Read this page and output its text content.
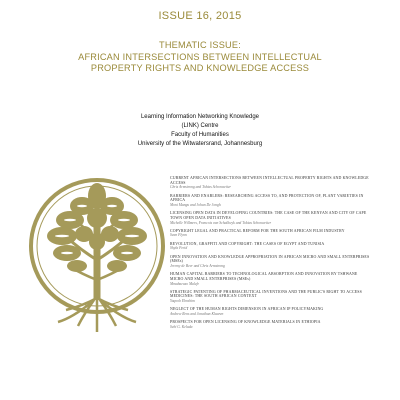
ISSUE 16, 2015
THEMATIC ISSUE:
AFRICAN INTERSECTIONS BETWEEN INTELLECTUAL
PROPERTY RIGHTS AND KNOWLEDGE ACCESS
Learning Information Networking Knowledge
(LINK) Centre
Faculty of Humanities
University of the Witwatersrand, Johannesburg
CURRENT AFRICAN INTERSECTIONS BETWEEN INTELLECTUAL PROPERTY RIGHTS AND KNOWLEDGE ACCESS
Chris Armstrong and Tobias Schonwetter
BARRIERS AND ENABLERS: RESEARCHING ACCESS TO, AND PROTECTION OF, PLANT VARIETIES IN AFRICA
Moni Mangu and Johan De Jongh
LICENSING OPEN DATA IN DEVELOPING COUNTRIES: THE CASE OF THE KENYAN AND CITY OF CAPE TOWN OPEN DATA INITIATIVES
Michelle Willmers, Francois van Schalkwyk and Tobias Schonwetter
COPYRIGHT LEGAL AND PRACTICAL REFORM FOR THE SOUTH AFRICAN FILM INDUSTRY
Sean Flynn
REVOLUTION, GRAFFITI AND COPYRIGHT: THE CASES OF EGYPT AND TUNISIA
Shyla Freid
OPEN INNOVATION AND KNOWLEDGE APPROPRIATION IN AFRICAN MICRO AND SMALL ENTERPRISES (MSEs)
Jeremy de Beer and Chris Armstrong
HUMAN CAPITAL BARRIERS TO TECHNOLOGICAL ABSORPTION AND INNOVATION BY TSHWANE MICRO AND SMALL ENTERPRISES (MSEs)
Mmabaeaso Malefe
STRATEGIC PATENTING OF PHARMACEUTICAL INVENTIONS AND THE PUBLIC'S RIGHT TO ACCESS MEDICINES: THE SOUTH AFRICAN CONTEXT
Yaqoob Ebrahim
NEGLECT OF THE HUMAN RIGHTS DIMENSION IN AFRICAN IP POLICYMAKING
Andrew Rens and Jonathan Klaaren
PROSPECTS FOR OPEN LICENSING OF KNOWLEDGE MATERIALS IN ETHIOPIA
Sebi G. Kelada
